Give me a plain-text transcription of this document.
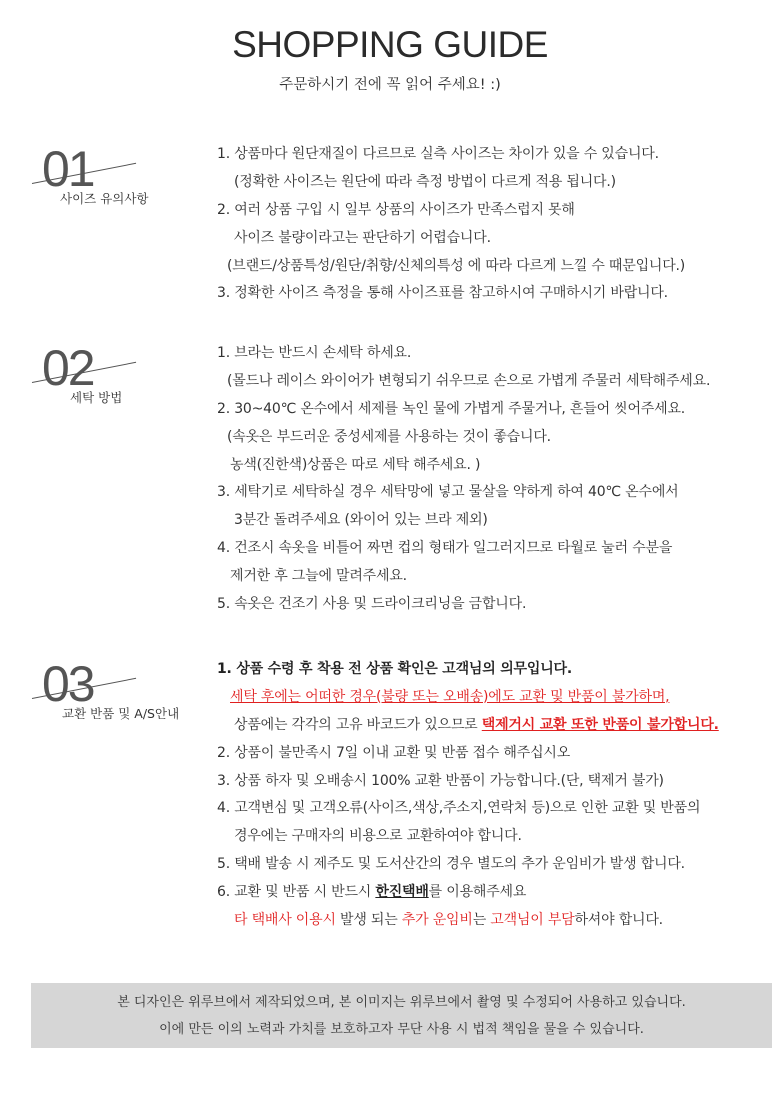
SHOPPING GUIDE
주문하시기 전에 꼭 읽어 주세요! :)
01
사이즈 유의사항
1. 상품마다 원단재질이 다르므로 실측 사이즈는 차이가 있을 수 있습니다.
(정확한 사이즈는 원단에 따라 측정 방법이 다르게 적용 됩니다.)
2. 여러 상품 구입 시 일부 상품의 사이즈가 만족스럽지 못해
사이즈 불량이라고는 판단하기 어렵습니다.
(브랜드/상품특성/원단/취향/신체의특성 에 따라 다르게 느낄 수 때문입니다.)
3. 정확한 사이즈 측정을 통해 사이즈표를 참고하시여 구매하시기 바랍니다.
02
세탁 방법
1. 브라는 반드시 손세탁 하세요.
(몰드나 레이스 와이어가 변형되기 쉬우므로 손으로 가볍게 주물러 세탁해주세요.
2. 30~40℃ 온수에서 세제를 녹인 물에 가볍게 주물거나, 흔들어 씻어주세요.
(속옷은 부드러운 중성세제를 사용하는 것이 좋습니다.
농색(진한색)상품은 따로 세탁 해주세요. )
3. 세탁기로 세탁하실 경우 세탁망에 넣고 물살을 약하게 하여 40℃ 온수에서
3분간 돌려주세요 (와이어 있는 브라 제외)
4. 건조시 속옷을 비틀어 짜면 컵의 형태가 일그러지므로 타월로 눌러 수분을
제거한 후 그늘에 말려주세요.
5. 속옷은 건조기 사용 및 드라이크리닝을 금합니다.
03
교환 반품 및 A/S안내
1. 상품 수령 후 착용 전 상품 확인은 고객님의 의무입니다.
세탁 후에는 어떠한 경우(불량 또는 오배송)에도 교환 및 반품이 불가하며,
상품에는 각각의 고유 바코드가 있으므로 택제거시 교환 또한 반품이 불가합니다.
2. 상품이 불만족시 7일 이내 교환 및 반품 접수 해주십시오
3. 상품 하자 및 오배송시 100% 교환 반품이 가능합니다.(단, 택제거 불가)
4. 고객변심 및 고객오류(사이즈,색상,주소지,연락처 등)으로 인한 교환 및 반품의
경우에는 구매자의 비용으로 교환하여야 합니다.
5. 택배 발송 시 제주도 및 도서산간의 경우 별도의 추가 운임비가 발생 합니다.
6. 교환 및 반품 시 반드시 한진택배를 이용해주세요
타 택배사 이용시 발생 되는 추가 운임비는 고객님이 부담하셔야 합니다.
본 디자인은 위루브에서 제작되었으며, 본 이미지는 위루브에서 촬영 및 수정되어 사용하고 있습니다.
이에 만든 이의 노력과 가치를 보호하고자 무단 사용 시 법적 책임을 물을 수 있습니다.
